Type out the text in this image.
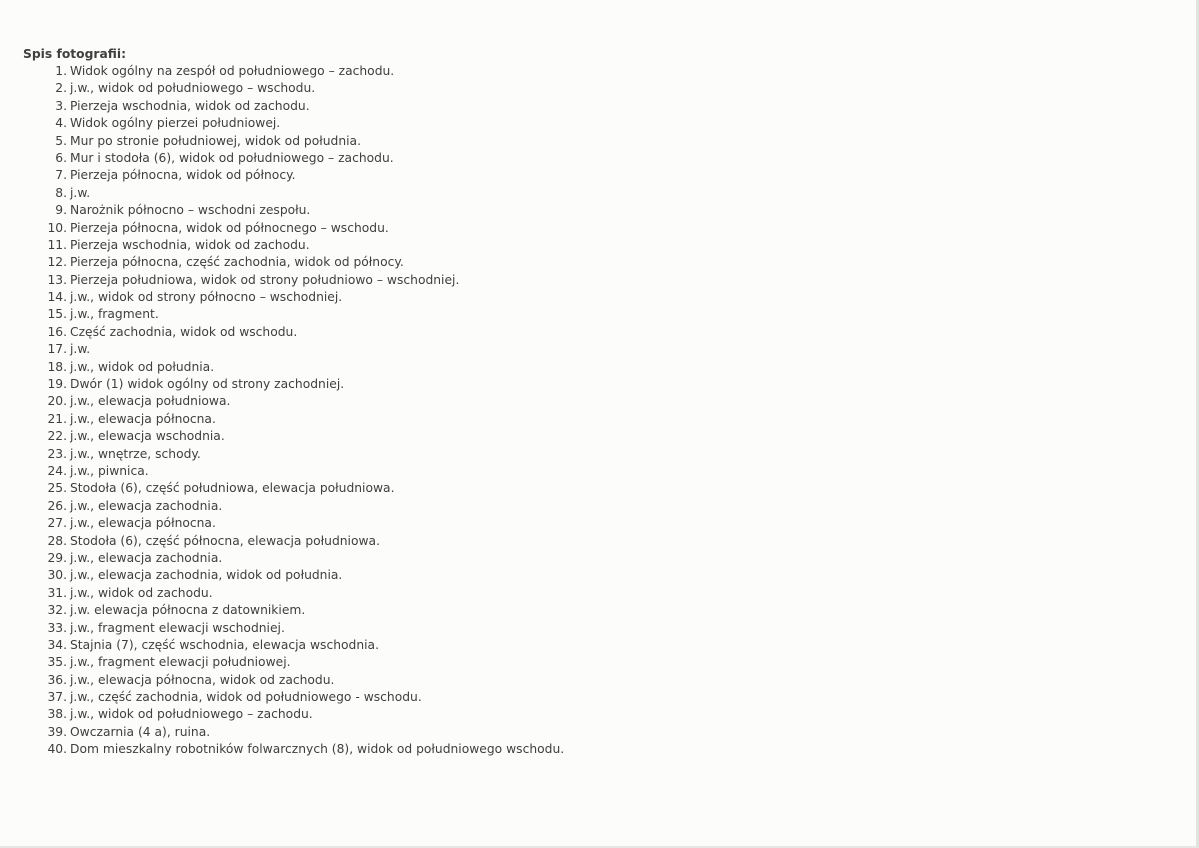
Spis fotografii:
1. Widok ogólny na zespół od południowego – zachodu.
2. j.w., widok od południowego – wschodu.
3. Pierzeja wschodnia, widok od zachodu.
4. Widok ogólny pierzei południowej.
5. Mur po stronie południowej, widok od południa.
6. Mur i stodoła (6), widok od południowego – zachodu.
7. Pierzeja północna, widok od północy.
8. j.w.
9. Narożnik północno – wschodni zespołu.
10. Pierzeja północna, widok od północnego – wschodu.
11. Pierzeja wschodnia, widok od zachodu.
12. Pierzeja północna, część zachodnia, widok od północy.
13. Pierzeja południowa, widok od strony południowo – wschodniej.
14. j.w., widok od strony północno – wschodniej.
15. j.w., fragment.
16. Część zachodnia, widok od wschodu.
17. j.w.
18. j.w., widok od południa.
19. Dwór (1) widok ogólny od strony zachodniej.
20. j.w., elewacja południowa.
21. j.w., elewacja północna.
22. j.w., elewacja wschodnia.
23. j.w., wnętrze, schody.
24. j.w., piwnica.
25. Stodoła (6), część południowa, elewacja południowa.
26. j.w., elewacja zachodnia.
27. j.w., elewacja północna.
28. Stodoła (6), część północna, elewacja południowa.
29. j.w., elewacja zachodnia.
30. j.w., elewacja zachodnia, widok od południa.
31. j.w., widok od zachodu.
32. j.w. elewacja północna z datownikiem.
33. j.w., fragment elewacji wschodniej.
34. Stajnia (7), część wschodnia, elewacja wschodnia.
35. j.w., fragment elewacji południowej.
36. j.w., elewacja północna, widok od zachodu.
37. j.w., część zachodnia, widok od południowego - wschodu.
38. j.w., widok od południowego – zachodu.
39. Owczarnia (4 a), ruina.
40. Dom mieszkalny robotników folwarcznych (8), widok od południowego wschodu.
